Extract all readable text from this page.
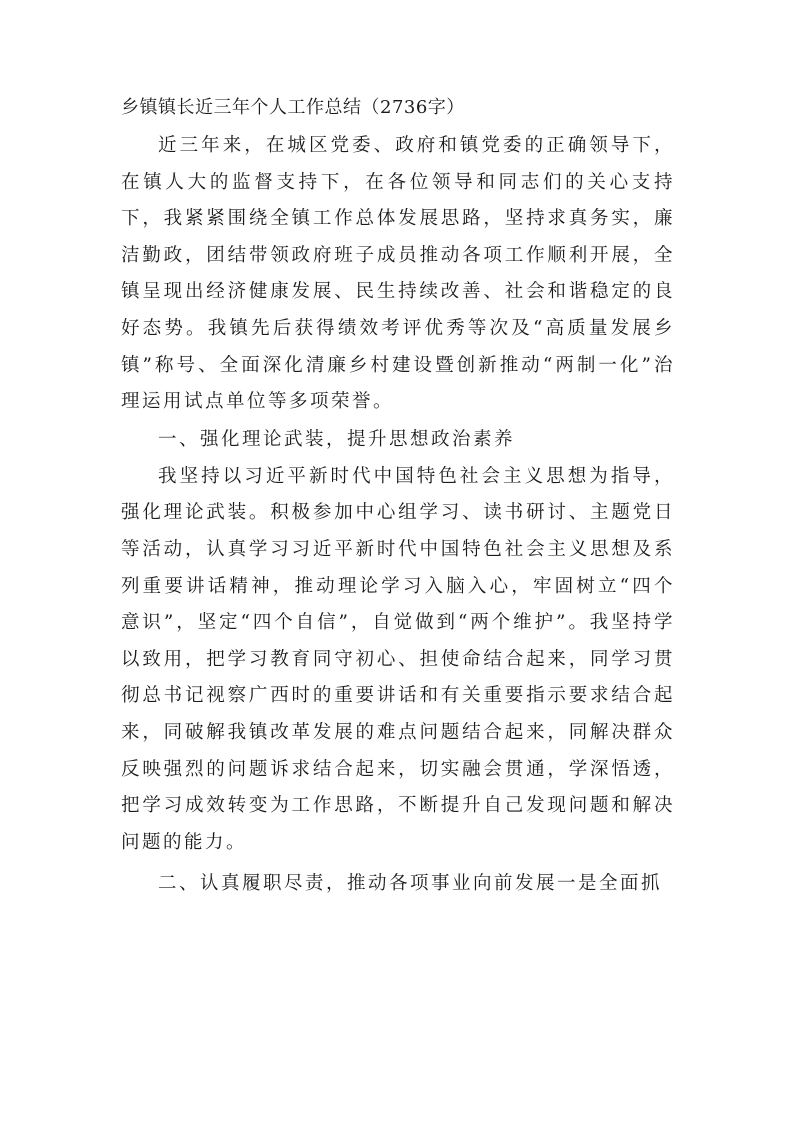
乡镇镇长近三年个人工作总结（2736字）

近三年来，在城区党委、政府和镇党委的正确领导下，在镇人大的监督支持下，在各位领导和同志们的关心支持下，我紧紧围绕全镇工作总体发展思路，坚持求真务实，廉洁勤政，团结带领政府班子成员推动各项工作顺利开展，全镇呈现出经济健康发展、民生持续改善、社会和谐稳定的良好态势。我镇先后获得绩效考评优秀等次及“高质量发展乡镇”称号、全面深化清廉乡村建设暨创新推动“两制一化”治理运用试点单位等多项荣誉。

一、强化理论武装，提升思想政治素养

我坚持以习近平新时代中国特色社会主义思想为指导，强化理论武装。积极参加中心组学习、读书研讨、主题党日等活动，认真学习习近平新时代中国特色社会主义思想及系列重要讲话精神，推动理论学习入脑入心，牢固树立“四个意识”，坚定“四个自信”，自觉做到“两个维护”。我坚持学以致用，把学习教育同守初心、担使命结合起来，同学习贯彻总书记视察广西时的重要讲话和有关重要指示要求结合起来，同破解我镇改革发展的难点问题结合起来，同解决群众反映强烈的问题诉求结合起来，切实融会贯通，学深悟透，把学习成效转变为工作思路，不断提升自己发现问题和解决问题的能力。

二、认真履职尽责，推动各项事业向前发展一是全面抓
